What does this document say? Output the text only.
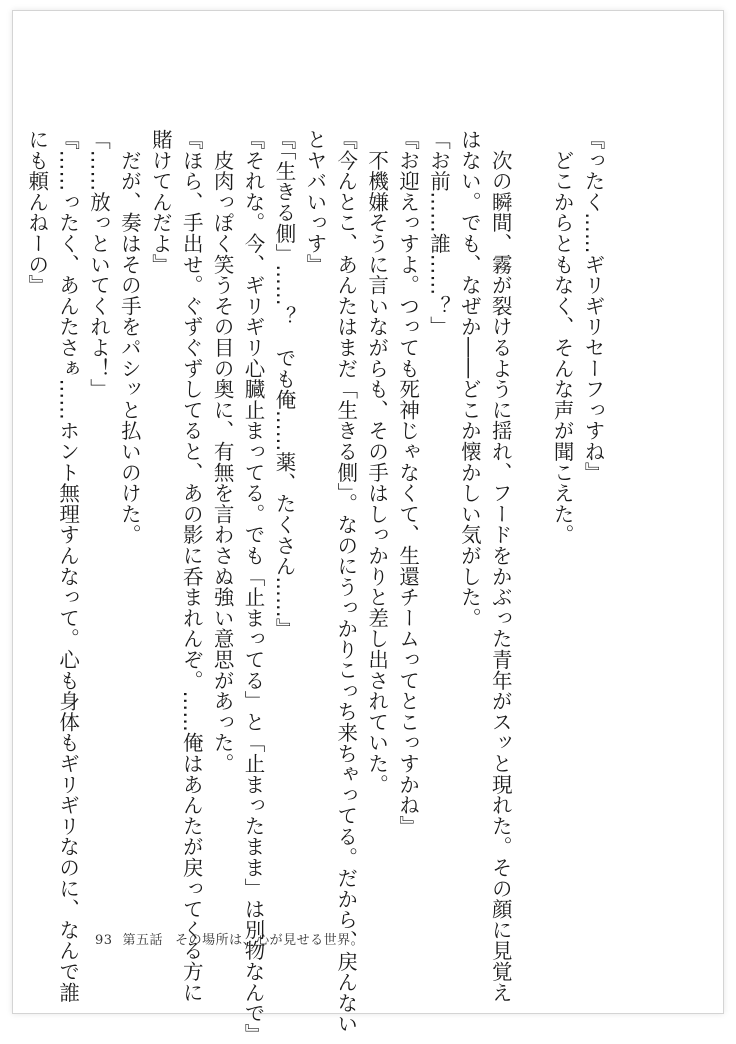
『ったく……ギリギリセーフっすね』
　どこからともなく、そんな声が聞こえた。

　次の瞬間、霧が裂けるように揺れ、フードをかぶった青年がスッと現れた。その顔に見覚え
はない。でも、なぜか――どこか懐かしい気がした。
「お前……誰……？」
『お迎えっすよ。つっても死神じゃなくて、生還チームってとこっすかね』
　不機嫌そうに言いながらも、その手はしっかりと差し出されていた。
『今んとこ、あんたはまだ「生きる側」。なのにうっかりこっち来ちゃってる。だから、戻んない
とヤバいっす』
『「生きる側」……？　でも俺……薬、たくさん……』
『それな。今、ギリギリ心臓止まってる。でも「止まってる」と「止まったまま」は別物なんで』
　皮肉っぽく笑うその目の奥に、有無を言わさぬ強い意思があった。
『ほら、手出せ。ぐずぐずしてると、あの影に呑まれんぞ。……俺はあんたが戻ってくる方に
賭けてんだよ』
　だが、奏はその手をパシッと払いのけた。
「……放っといてくれよ！」
『……ったく、あんたさぁ……ホント無理すんなって。心も身体もギリギリなのに、なんで誰
にも頼んねーの』
93 第五話 その場所は、心が見せる世界。
